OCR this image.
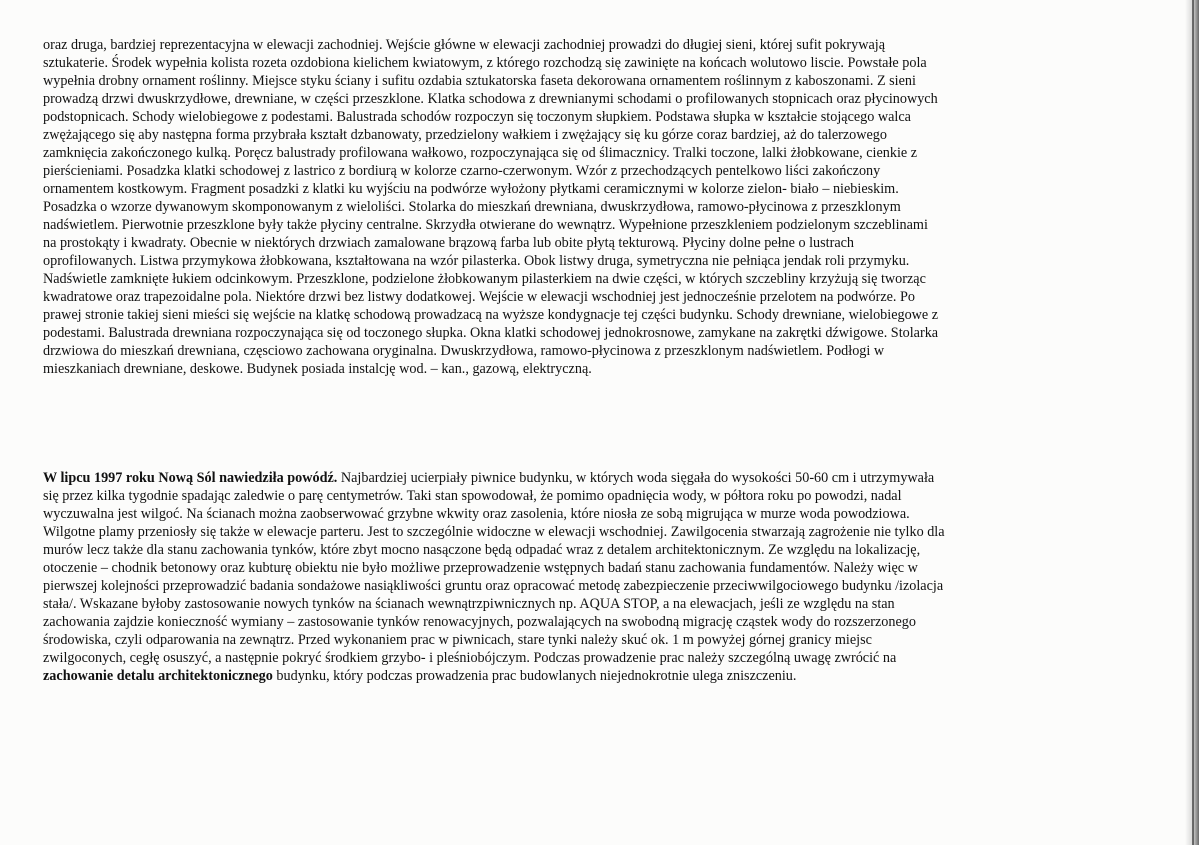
oraz druga, bardziej reprezentacyjna w elewacji zachodniej. Wejście główne w elewacji zachodniej prowadzi do długiej sieni, której sufit pokrywają
sztukaterie. Środek wypełnia kolista rozeta ozdobiona kielichem kwiatowym, z którego rozchodzą się zawinięte na końcach wolutowo liscie. Powstałe pola
wypełnia drobny ornament roślinny. Miejsce styku ściany i sufitu ozdabia sztukatorska faseta dekorowana ornamentem roślinnym z kaboszonami. Z sieni
prowadzą drzwi dwuskrzydłowe, drewniane, w części przeszklone. Klatka schodowa z drewnianymi schodami o profilowanych stopnicach oraz płycinowych
podstopnicach. Schody wielobiegowe z podestami. Balustrada schodów rozpoczyn się toczonym słupkiem. Podstawa słupka w kształcie stojącego walca
zwężającego się aby następna forma przybrała kształt dzbanowaty, przedzielony wałkiem i zwężający się ku górze coraz bardziej, aż do talerzowego
zamknięcia zakończonego kulką. Poręcz balustrady profilowana wałkowo, rozpoczynająca się od ślimacznicy. Tralki toczone, lalki żłobkowane, cienkie z
pierścieniami. Posadzka klatki schodowej z lastrico z bordiurą w kolorze czarno-czerwonym. Wzór z przechodzących pentelkowo liści zakończony
ornamentem kostkowym. Fragment posadzki z klatki ku wyjściu na podwórze wyłożony płytkami ceramicznymi w kolorze zielon- biało – niebieskim.
Posadzka o wzorze dywanowym skomponowanym z wieloliści. Stolarka do mieszkań drewniana, dwuskrzydłowa, ramowo-płycinowa z przeszklonym
nadświetlem. Pierwotnie przeszklone były także płyciny centralne. Skrzydła otwierane do wewnątrz. Wypełnione przeszkleniem podzielonym szczeblinami
na prostokąty i kwadraty. Obecnie w niektórych drzwiach zamalowane brązową farba lub obite płytą tekturową. Płyciny dolne pełne o lustrach
oprofilowanych. Listwa przymykowa żłobkowana, kształtowana na wzór pilasterka. Obok listwy druga, symetryczna nie pełniąca jendak roli przymyku.
Nadświetle zamknięte łukiem odcinkowym. Przeszklone, podzielone żłobkowanym pilasterkiem na dwie części, w których szczebliny krzyżują się tworząc
kwadratowe oraz trapezoidalne pola. Niektóre drzwi bez listwy dodatkowej. Wejście w elewacji wschodniej jest jednocześnie przelotem na podwórze. Po
prawej stronie takiej sieni mieści się wejście na klatkę schodową prowadzacą na wyższe kondygnacje tej części budynku. Schody drewniane, wielobiegowe z
podestami. Balustrada drewniana rozpoczynająca się od toczonego słupka. Okna klatki schodowej jednokrosnowe, zamykane na zakrętki dźwigowe. Stolarka
drzwiowa do mieszkań drewniana, częsciowo zachowana oryginalna. Dwuskrzydłowa, ramowo-płycinowa z przeszklonym nadświetlem. Podłogi w
mieszkaniach drewniane, deskowe. Budynek posiada instalcję wod. – kan., gazową, elektryczną.
W lipcu 1997 roku Nową Sól nawiedziła powódź. Najbardziej ucierpiały piwnice budynku, w których woda sięgała do wysokości 50-60 cm i utrzymywała
się przez kilka tygodnie spadając zaledwie o parę centymetrów. Taki stan spowodował, że pomimo opadnięcia wody, w półtora roku po powodzi, nadal
wyczuwalna jest wilgoć. Na ścianach można zaobserwować grzybne wkwity oraz zasolenia, które niosła ze sobą migrująca w murze woda powodziowa.
Wilgotne plamy przeniosły się także w elewacje parteru. Jest to szczególnie widoczne w elewacji wschodniej. Zawilgocenia stwarzają zagrożenie nie tylko dla
murów lecz także dla stanu zachowania tynków, które zbyt mocno nasączone będą odpadać wraz z detalem architektonicznym. Ze względu na lokalizację,
otoczenie – chodnik betonowy oraz kubturę obiektu nie było możliwe przeprowadzenie wstępnych badań stanu zachowania fundamentów. Należy więc w
pierwszej kolejności przeprowadzić badania sondażowe nasiąkliwości gruntu oraz opracować metodę zabezpieczenie przeciwwilgociowego budynku /izolacja
stała/. Wskazane byłoby zastosowanie nowych tynków na ścianach wewnątrzpiwnicznych np. AQUA STOP, a na elewacjach, jeśli ze względu na stan
zachowania zajdzie konieczność wymiany – zastosowanie tynków renowacyjnych, pozwalających na swobodną migrację cząstek wody do rozszerzonego
środowiska, czyli odparowania na zewnątrz. Przed wykonaniem prac w piwnicach, stare tynki należy skuć ok. 1 m powyżej górnej granicy miejsc
zwilgoconych, cegłę osuszyć, a następnie pokryć środkiem grzybo- i pleśniobójczym. Podczas prowadzenie prac należy szczególną uwagę zwrócić na
zachowanie detalu architektonicznego budynku, który podczas prowadzenia prac budowlanych niejednokrotnie ulega zniszczeniu.
